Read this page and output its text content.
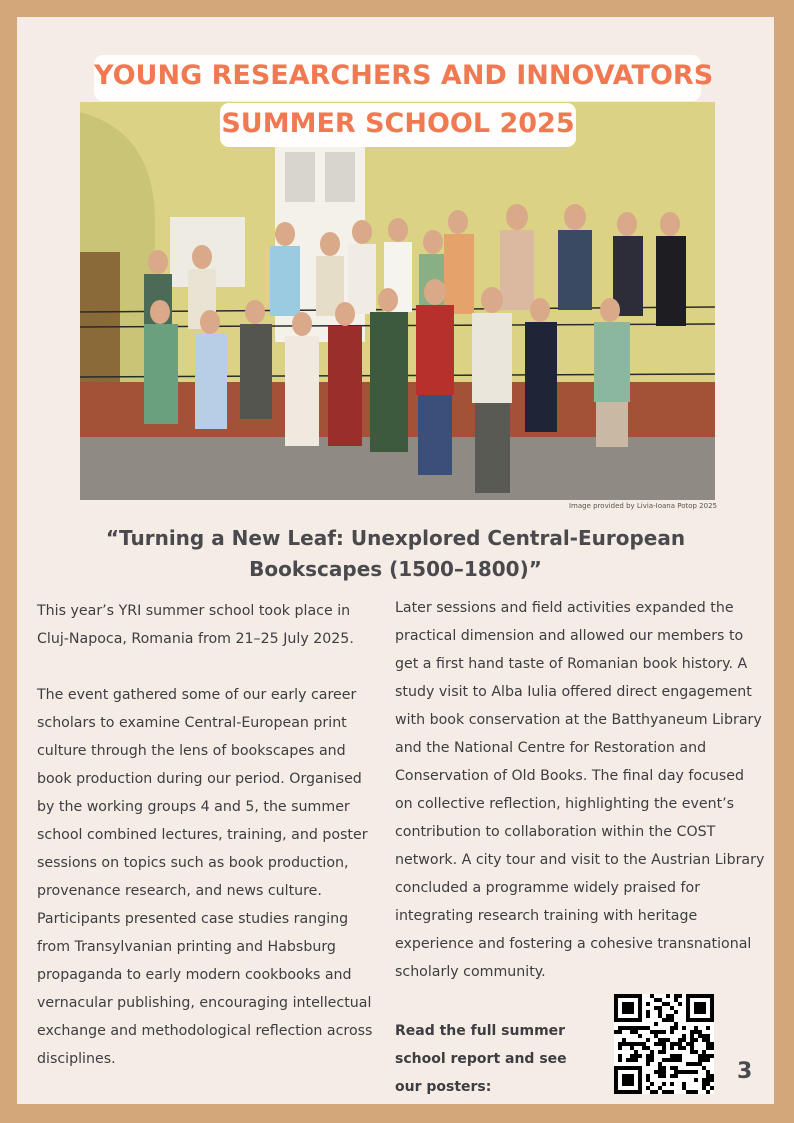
YOUNG RESEARCHERS AND INNOVATORS
SUMMER SCHOOL 2025
Image provided by Livia-Ioana Potop 2025
“Turning a New Leaf: Unexplored Central-European Bookscapes (1500–1800)”

This year’s YRI summer school took place in Cluj-Napoca, Romania from 21–25 July 2025.

The event gathered some of our early career scholars to examine Central-European print culture through the lens of bookscapes and book production during our period. Organised by the working groups 4 and 5, the summer school combined lectures, training, and poster sessions on topics such as book production, provenance research, and news culture. Participants presented case studies ranging from Transylvanian printing and Habsburg propaganda to early modern cookbooks and vernacular publishing, encouraging intellectual exchange and methodological reflection across disciplines.

Later sessions and field activities expanded the practical dimension and allowed our members to get a first hand taste of Romanian book history. A study visit to Alba Iulia offered direct engagement with book conservation at the Batthyaneum Library and the National Centre for Restoration and Conservation of Old Books. The final day focused on collective reflection, highlighting the event’s contribution to collaboration within the COST network. A city tour and visit to the Austrian Library concluded a programme widely praised for integrating research training with heritage experience and fostering a cohesive transnational scholarly community.

Read the full summer school report and see our posters:
3
